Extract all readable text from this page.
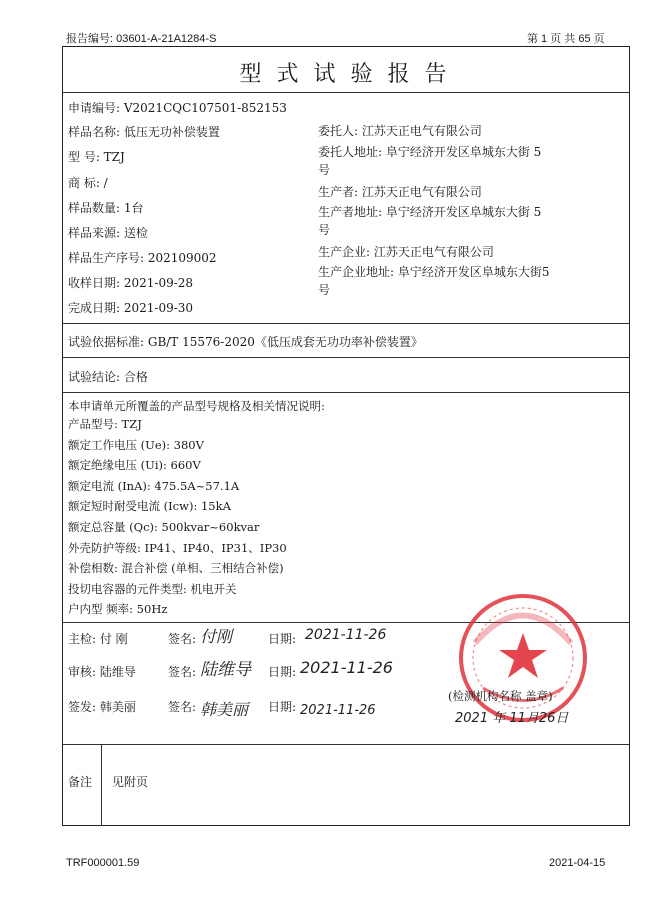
报告编号: 03601-A-21A1284-S	第 1 页 共 65 页
型 式 试 验 报 告
申请编号: V2021CQC107501-852153
样品名称: 低压无功补偿装置
型 号: TZJ
商 标: /
样品数量: 1台
样品来源: 送检
样品生产序号: 202109002
收样日期: 2021-09-28
完成日期: 2021-09-30
委托人: 江苏天正电气有限公司
委托人地址: 阜宁经济开发区阜城东大街 5
号
生产者: 江苏天正电气有限公司
生产者地址: 阜宁经济开发区阜城东大街 5
号
生产企业: 江苏天正电气有限公司
生产企业地址: 阜宁经济开发区阜城东大街5
号
试验依据标准: GB/T 15576-2020《低压成套无功功率补偿装置》
试验结论: 合格
本申请单元所覆盖的产品型号规格及相关情况说明:
产品型号: TZJ
额定工作电压 (Ue): 380V
额定绝缘电压 (Ui): 660V
额定电流 (InA): 475.5A~57.1A
额定短时耐受电流 (Icw): 15kA
额定总容量 (Qc): 500kvar~60kvar
外壳防护等级: IP41、IP40、IP31、IP30
补偿相数: 混合补偿 (单相、三相结合补偿)
投切电容器的元件类型: 机电开关
户内型 频率: 50Hz
主检: 付 刚	签名: 付刚	日期: 2021-11-26
审核: 陆维导	签名: 陆维导 日期: 2021-11-26
签发: 韩美丽	签名: 韩美丽 日期: 2021-11-26
(检测机构名称 盖章)
2021 年 11月26日
备注 见附页
TRF000001.59	2021-04-15
